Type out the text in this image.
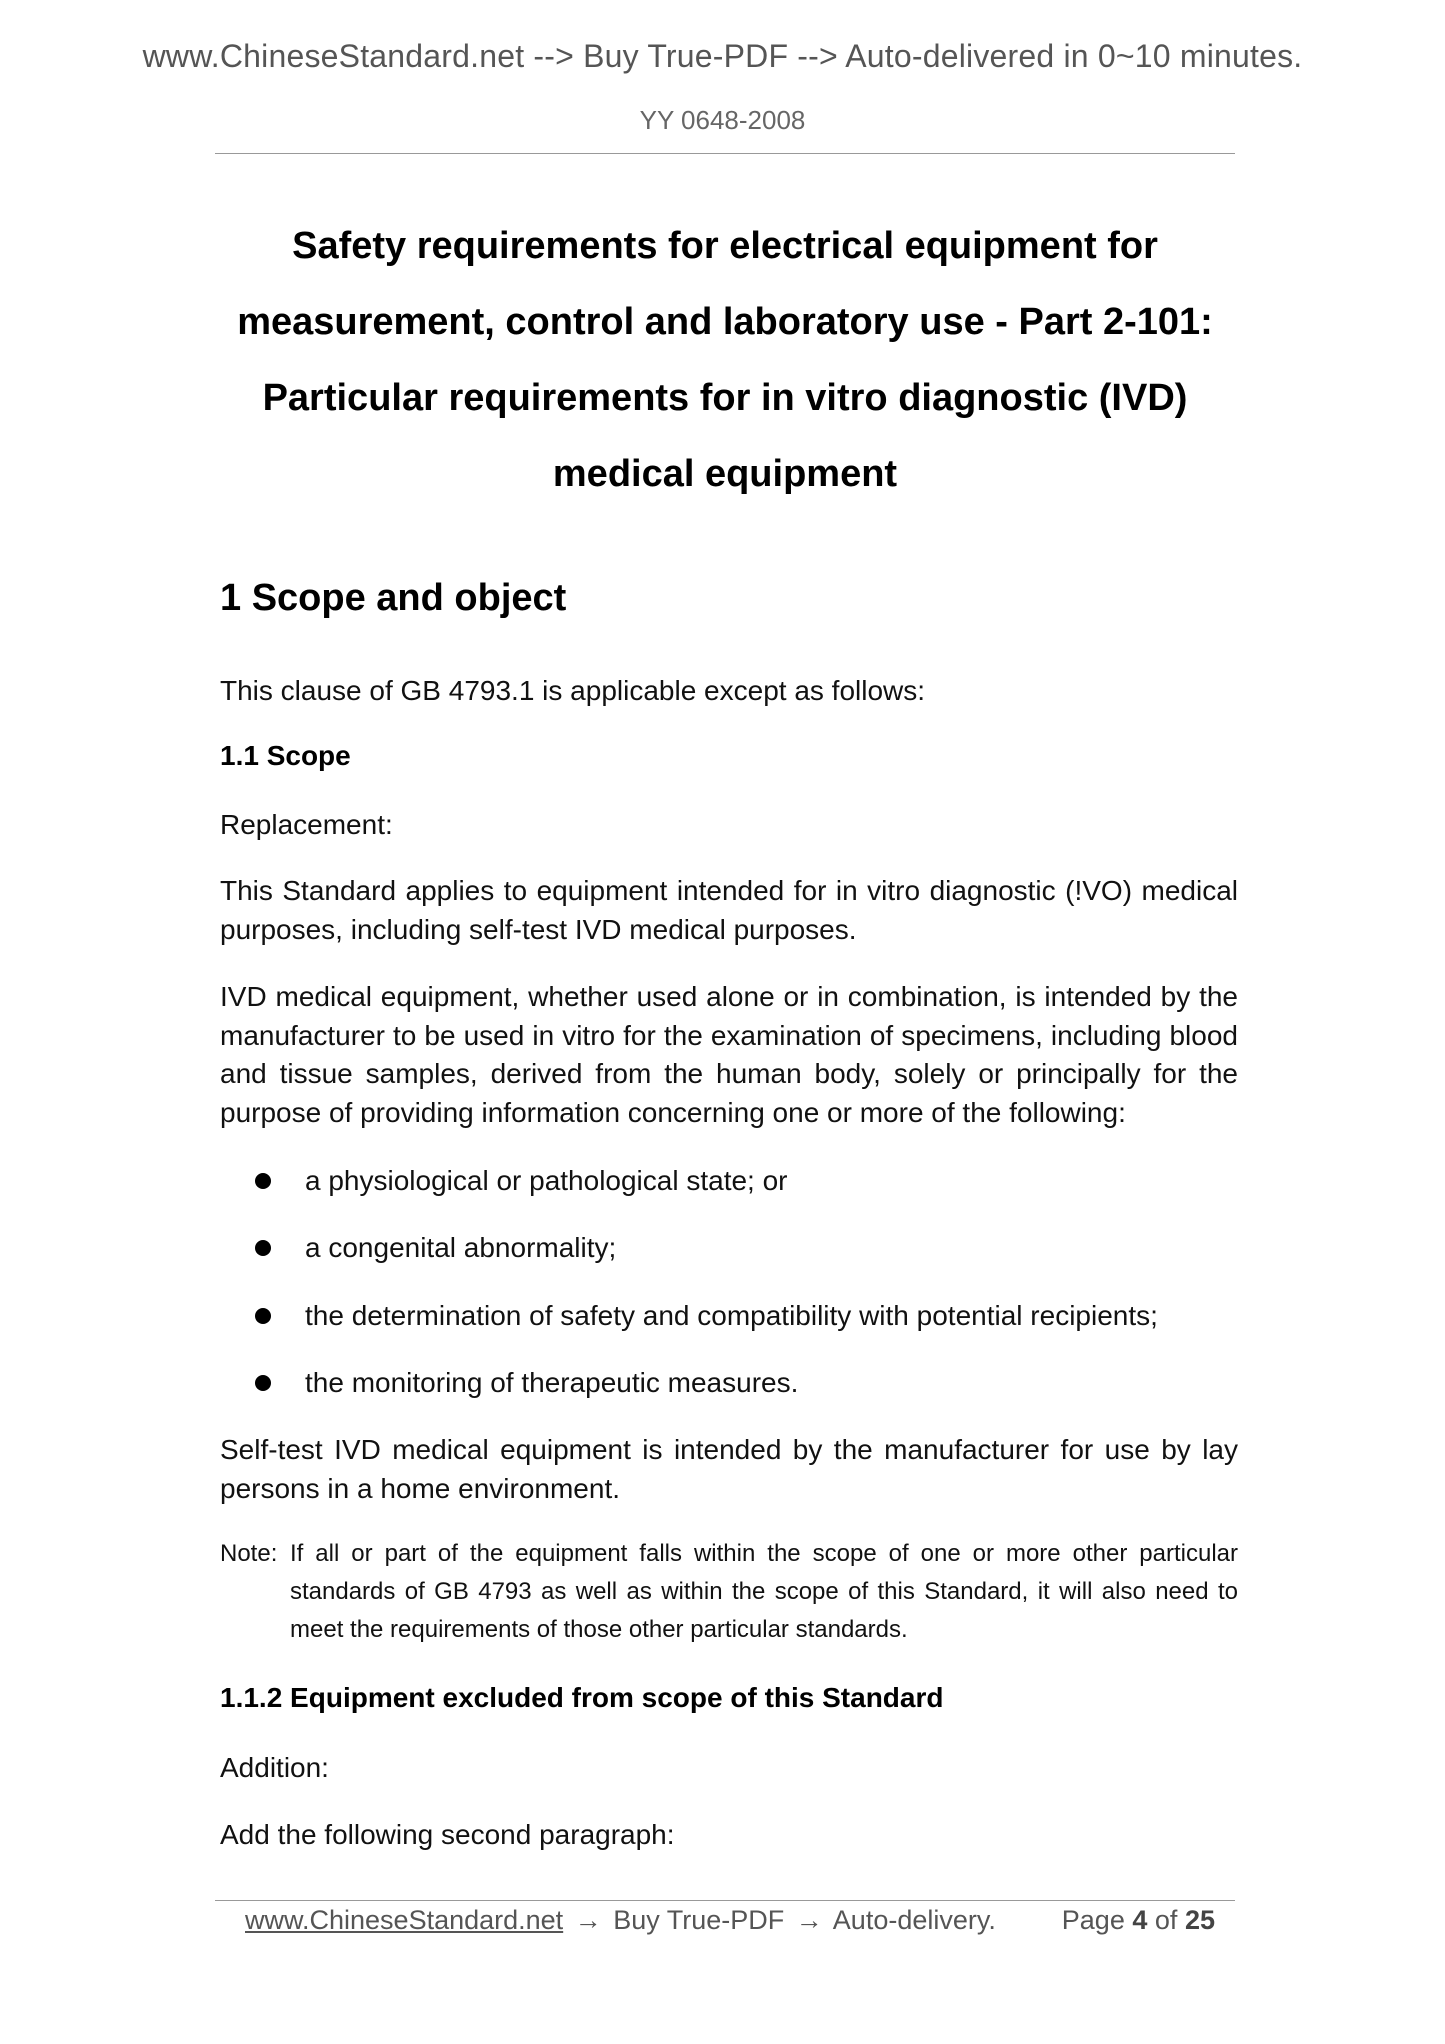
www.ChineseStandard.net --> Buy True-PDF --> Auto-delivered in 0~10 minutes.
YY 0648-2008
Safety requirements for electrical equipment for
measurement, control and laboratory use - Part 2-101:
Particular requirements for in vitro diagnostic (IVD)
medical equipment
1 Scope and object
This clause of GB 4793.1 is applicable except as follows:
1.1 Scope
Replacement:
This Standard applies to equipment intended for in vitro diagnostic (!VO) medical purposes, including self-test IVD medical purposes.
IVD medical equipment, whether used alone or in combination, is intended by the manufacturer to be used in vitro for the examination of specimens, including blood and tissue samples, derived from the human body, solely or principally for the purpose of providing information concerning one or more of the following:
a physiological or pathological state; or
a congenital abnormality;
the determination of safety and compatibility with potential recipients;
the monitoring of therapeutic measures.
Self-test IVD medical equipment is intended by the manufacturer for use by lay persons in a home environment.
Note: If all or part of the equipment falls within the scope of one or more other particular standards of GB 4793 as well as within the scope of this Standard, it will also need to meet the requirements of those other particular standards.
1.1.2 Equipment excluded from scope of this Standard
Addition:
Add the following second paragraph:
www.ChineseStandard.net → Buy True-PDF → Auto-delivery. Page 4 of 25
